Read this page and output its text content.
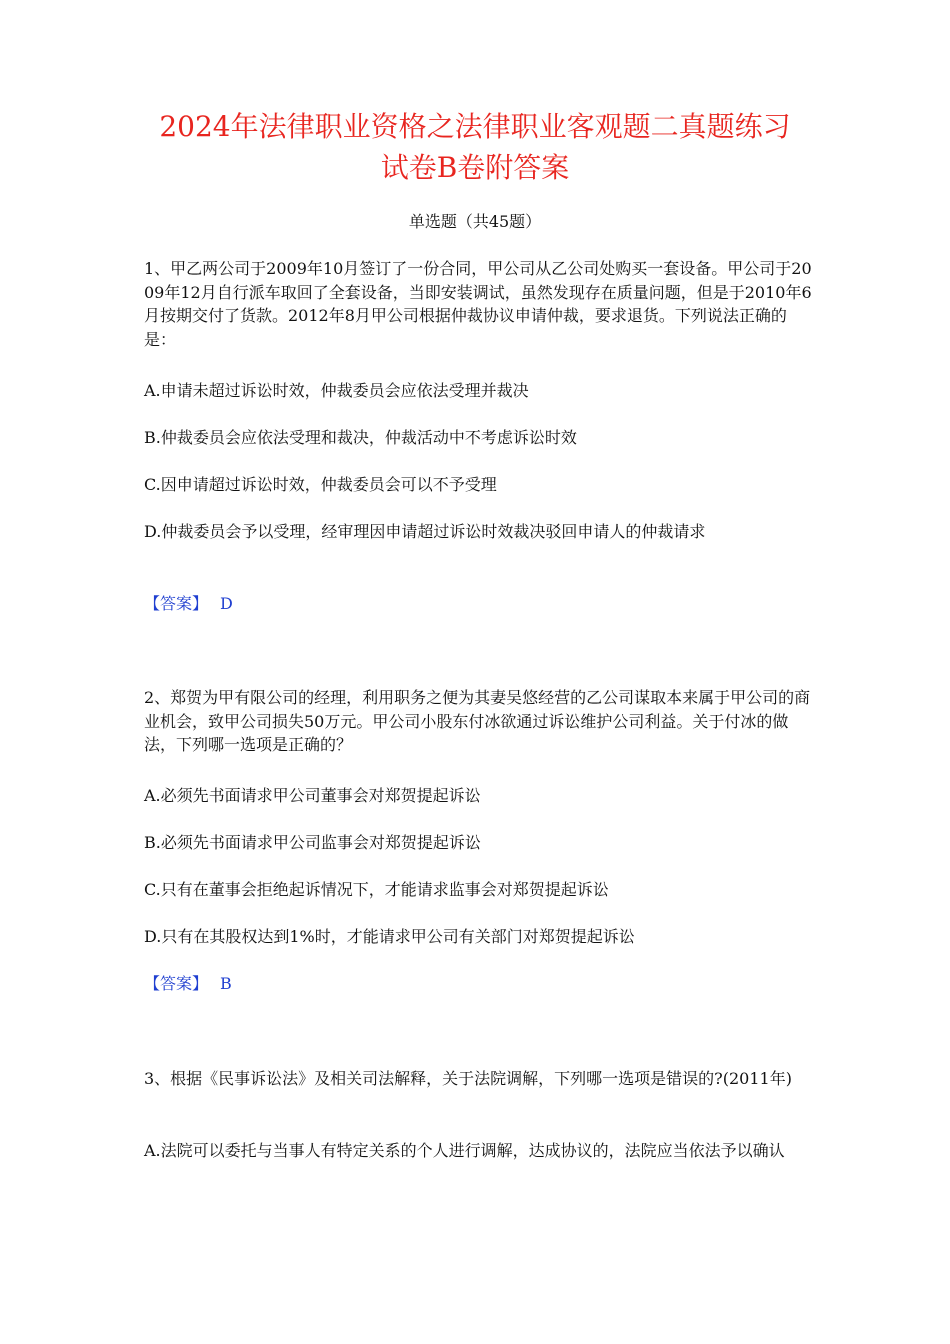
2024年法律职业资格之法律职业客观题二真题练习
试卷B卷附答案
单选题（共45题）

1、甲乙两公司于2009年10月签订了一份合同，甲公司从乙公司处购买一套设备。甲公司于2009年12月自行派车取回了全套设备，当即安装调试，虽然发现存在质量问题，但是于2010年6月按期交付了货款。2012年8月甲公司根据仲裁协议申请仲裁，要求退货。下列说法正确的是：

A.申请未超过诉讼时效，仲裁委员会应依法受理并裁决

B.仲裁委员会应依法受理和裁决，仲裁活动中不考虑诉讼时效

C.因申请超过诉讼时效，仲裁委员会可以不予受理

D.仲裁委员会予以受理，经审理因申请超过诉讼时效裁决驳回申请人的仲裁请求

【答案】 D

2、郑贺为甲有限公司的经理，利用职务之便为其妻吴悠经营的乙公司谋取本来属于甲公司的商业机会，致甲公司损失50万元。甲公司小股东付冰欲通过诉讼维护公司利益。关于付冰的做法，下列哪一选项是正确的？

A.必须先书面请求甲公司董事会对郑贺提起诉讼

B.必须先书面请求甲公司监事会对郑贺提起诉讼

C.只有在董事会拒绝起诉情况下，才能请求监事会对郑贺提起诉讼

D.只有在其股权达到1%时，才能请求甲公司有关部门对郑贺提起诉讼

【答案】 B

3、根据《民事诉讼法》及相关司法解释，关于法院调解，下列哪一选项是错误的?(2011年)

A.法院可以委托与当事人有特定关系的个人进行调解，达成协议的，法院应当依法予以确认
